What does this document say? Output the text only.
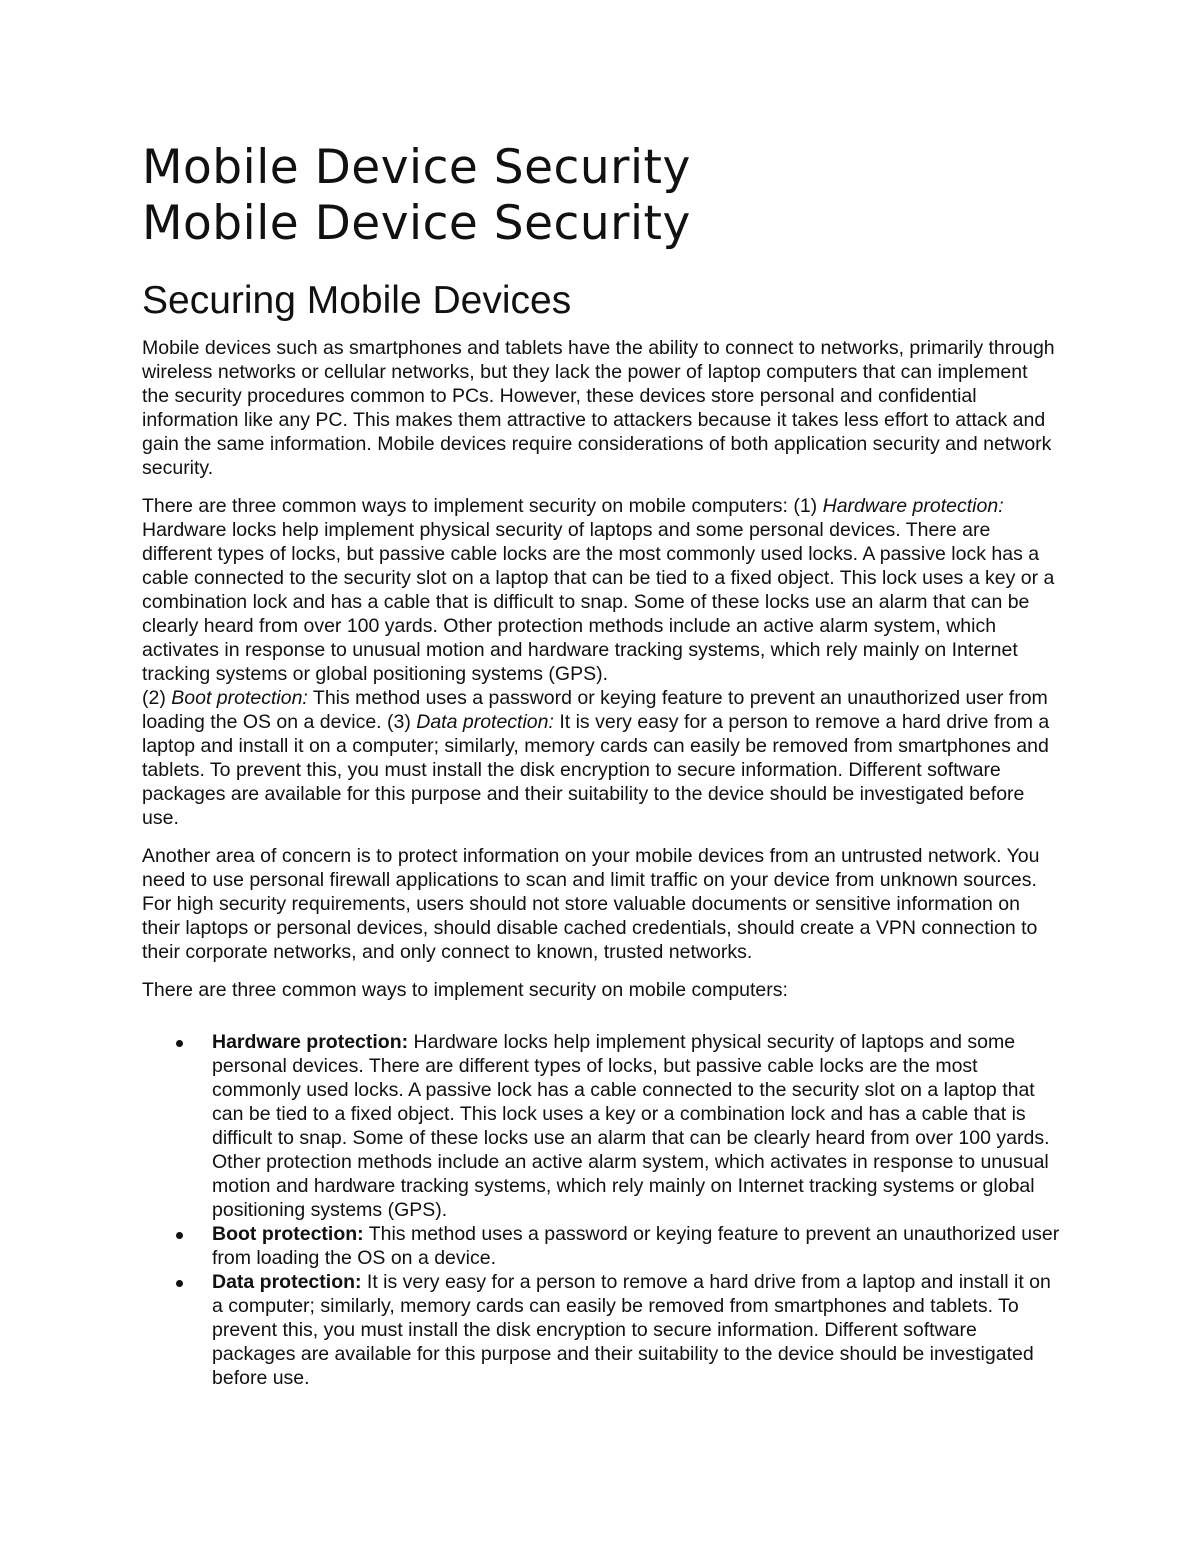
Mobile Device Security
Mobile Device Security
Securing Mobile Devices

Mobile devices such as smartphones and tablets have the ability to connect to networks, primarily through wireless networks or cellular networks, but they lack the power of laptop computers that can implement the security procedures common to PCs. However, these devices store personal and confidential information like any PC. This makes them attractive to attackers because it takes less effort to attack and gain the same information. Mobile devices require considerations of both application security and network security.

There are three common ways to implement security on mobile computers: (1) Hardware protection: Hardware locks help implement physical security of laptops and some personal devices. There are different types of locks, but passive cable locks are the most commonly used locks. A passive lock has a cable connected to the security slot on a laptop that can be tied to a fixed object. This lock uses a key or a combination lock and has a cable that is difficult to snap. Some of these locks use an alarm that can be clearly heard from over 100 yards. Other protection methods include an active alarm system, which activates in response to unusual motion and hardware tracking systems, which rely mainly on Internet tracking systems or global positioning systems (GPS).
(2) Boot protection: This method uses a password or keying feature to prevent an unauthorized user from loading the OS on a device. (3) Data protection: It is very easy for a person to remove a hard drive from a laptop and install it on a computer; similarly, memory cards can easily be removed from smartphones and tablets. To prevent this, you must install the disk encryption to secure information. Different software packages are available for this purpose and their suitability to the device should be investigated before use.

Another area of concern is to protect information on your mobile devices from an untrusted network. You need to use personal firewall applications to scan and limit traffic on your device from unknown sources. For high security requirements, users should not store valuable documents or sensitive information on their laptops or personal devices, should disable cached credentials, should create a VPN connection to their corporate networks, and only connect to known, trusted networks.

There are three common ways to implement security on mobile computers:

Hardware protection: Hardware locks help implement physical security of laptops and some personal devices. There are different types of locks, but passive cable locks are the most commonly used locks. A passive lock has a cable connected to the security slot on a laptop that can be tied to a fixed object. This lock uses a key or a combination lock and has a cable that is difficult to snap. Some of these locks use an alarm that can be clearly heard from over 100 yards. Other protection methods include an active alarm system, which activates in response to unusual motion and hardware tracking systems, which rely mainly on Internet tracking systems or global positioning systems (GPS).
Boot protection: This method uses a password or keying feature to prevent an unauthorized user from loading the OS on a device.
Data protection: It is very easy for a person to remove a hard drive from a laptop and install it on a computer; similarly, memory cards can easily be removed from smartphones and tablets. To prevent this, you must install the disk encryption to secure information. Different software packages are available for this purpose and their suitability to the device should be investigated before use.
